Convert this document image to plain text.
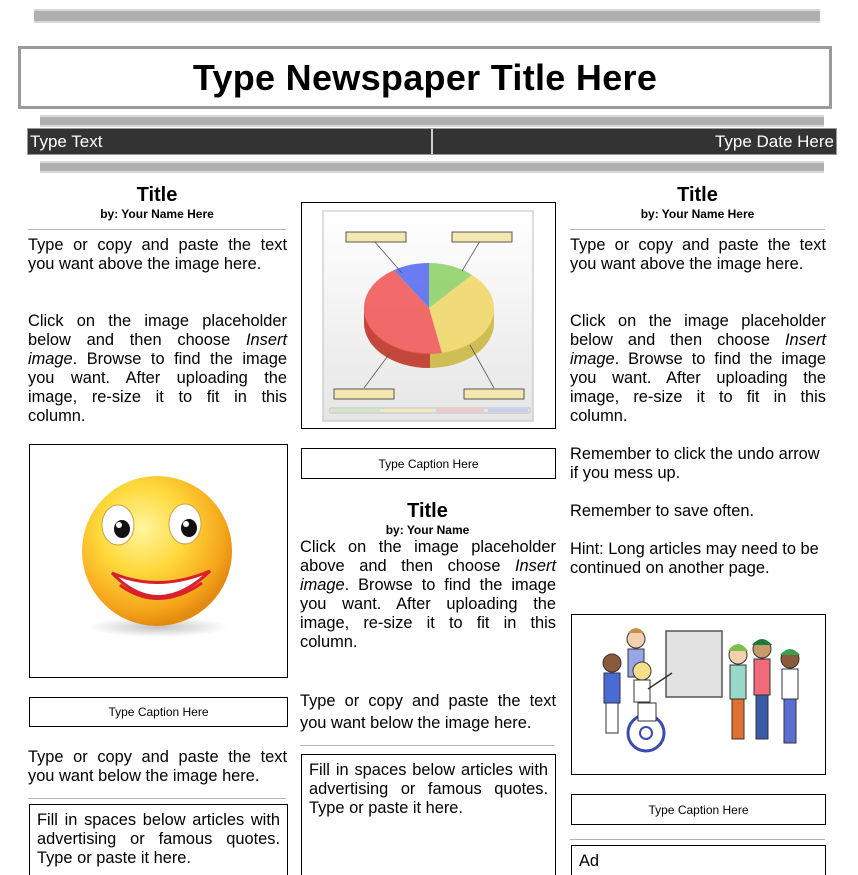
Type Newspaper Title Here
Type Text	Type Date Here
Title
by: Your Name Here
Type or copy and paste the text you want above the image here.
Click on the image placeholder below and then choose Insert image. Browse to find the image you want. After uploading the image, re-size it to fit in this column.
Type Caption Here
Type or copy and paste the text you want below the image here.
Fill in spaces below articles with advertising or famous quotes. Type or paste it here.
Type Caption Here
Title
by: Your Name
Click on the image placeholder above and then choose Insert image. Browse to find the image you want. After uploading the image, re-size it to fit in this column.
Type or copy and paste the text you want below the image here.
Fill in spaces below articles with advertising or famous quotes. Type or paste it here.
Title
by: Your Name Here
Type or copy and paste the text you want above the image here.
Click on the image placeholder below and then choose Insert image. Browse to find the image you want. After uploading the image, re-size it to fit in this column.
Remember to click the undo arrow if you mess up.
Remember to save often.
Hint: Long articles may need to be continued on another page.
Type Caption Here
Ad
